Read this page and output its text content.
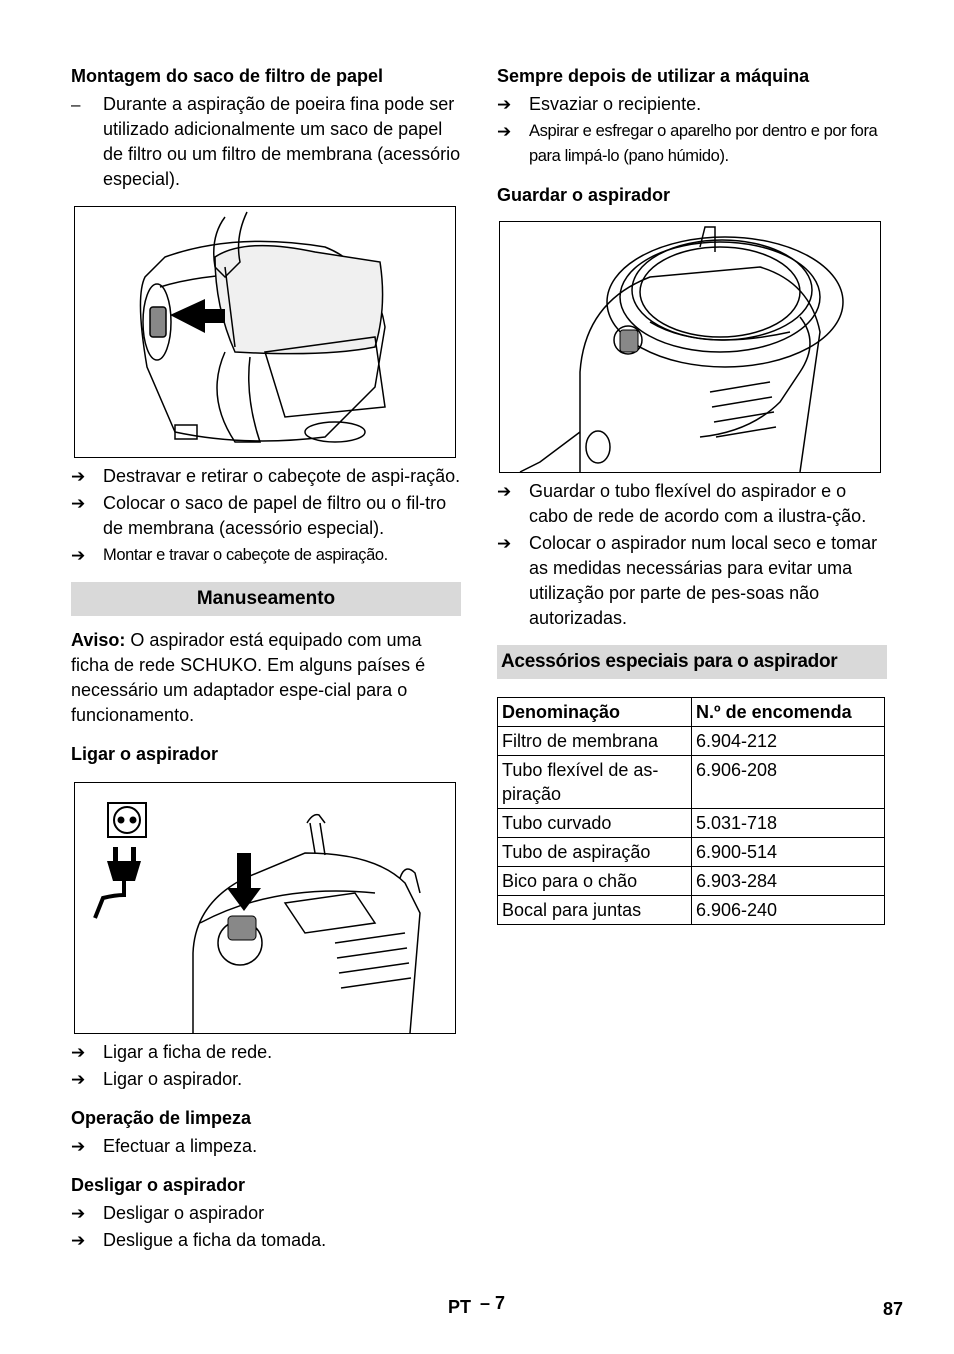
Montagem do saco de filtro de papel
–	Durante a aspiração de poeira fina pode ser utilizado adicionalmente um saco de papel de filtro ou um filtro de membrana (acessório especial).
➔ Destravar e retirar o cabeçote de aspi-ração.
➔ Colocar o saco de papel de filtro ou o fil-tro de membrana (acessório especial).
➔	Montar e travar o cabeçote de aspiração.
Manuseamento

Aviso: O aspirador está equipado com uma ficha de rede SCHUKO. Em alguns países é necessário um adaptador espe-cial para o funcionamento.

Ligar o aspirador
➔ Ligar a ficha de rede.
➔ Ligar o aspirador.
Operação de limpeza
➔ Efectuar a limpeza.
Desligar o aspirador
➔ Desligar o aspirador
➔ Desligue a ficha da tomada.
Sempre depois de utilizar a máquina
➔ Esvaziar o recipiente.
➔	Aspirar e esfregar o aparelho por dentro e por fora para limpá-lo (pano húmido).
Guardar o aspirador
➔ Guardar o tubo flexível do aspirador e o cabo de rede de acordo com a ilustra-ção.
➔ Colocar o aspirador num local seco e tomar as medidas necessárias para evitar uma utilização por parte de pes-soas não autorizadas.
Acessórios especiais para o aspirador
Denominação	N.º de encomenda
Filtro de membrana	6.904-212
Tubo flexível de as-piração	6.906-208
Tubo curvado	5.031-718
Tubo de aspiração	6.900-514
Bico para o chão	6.903-284
Bocal para juntas	6.906-240
PT – 7	87
